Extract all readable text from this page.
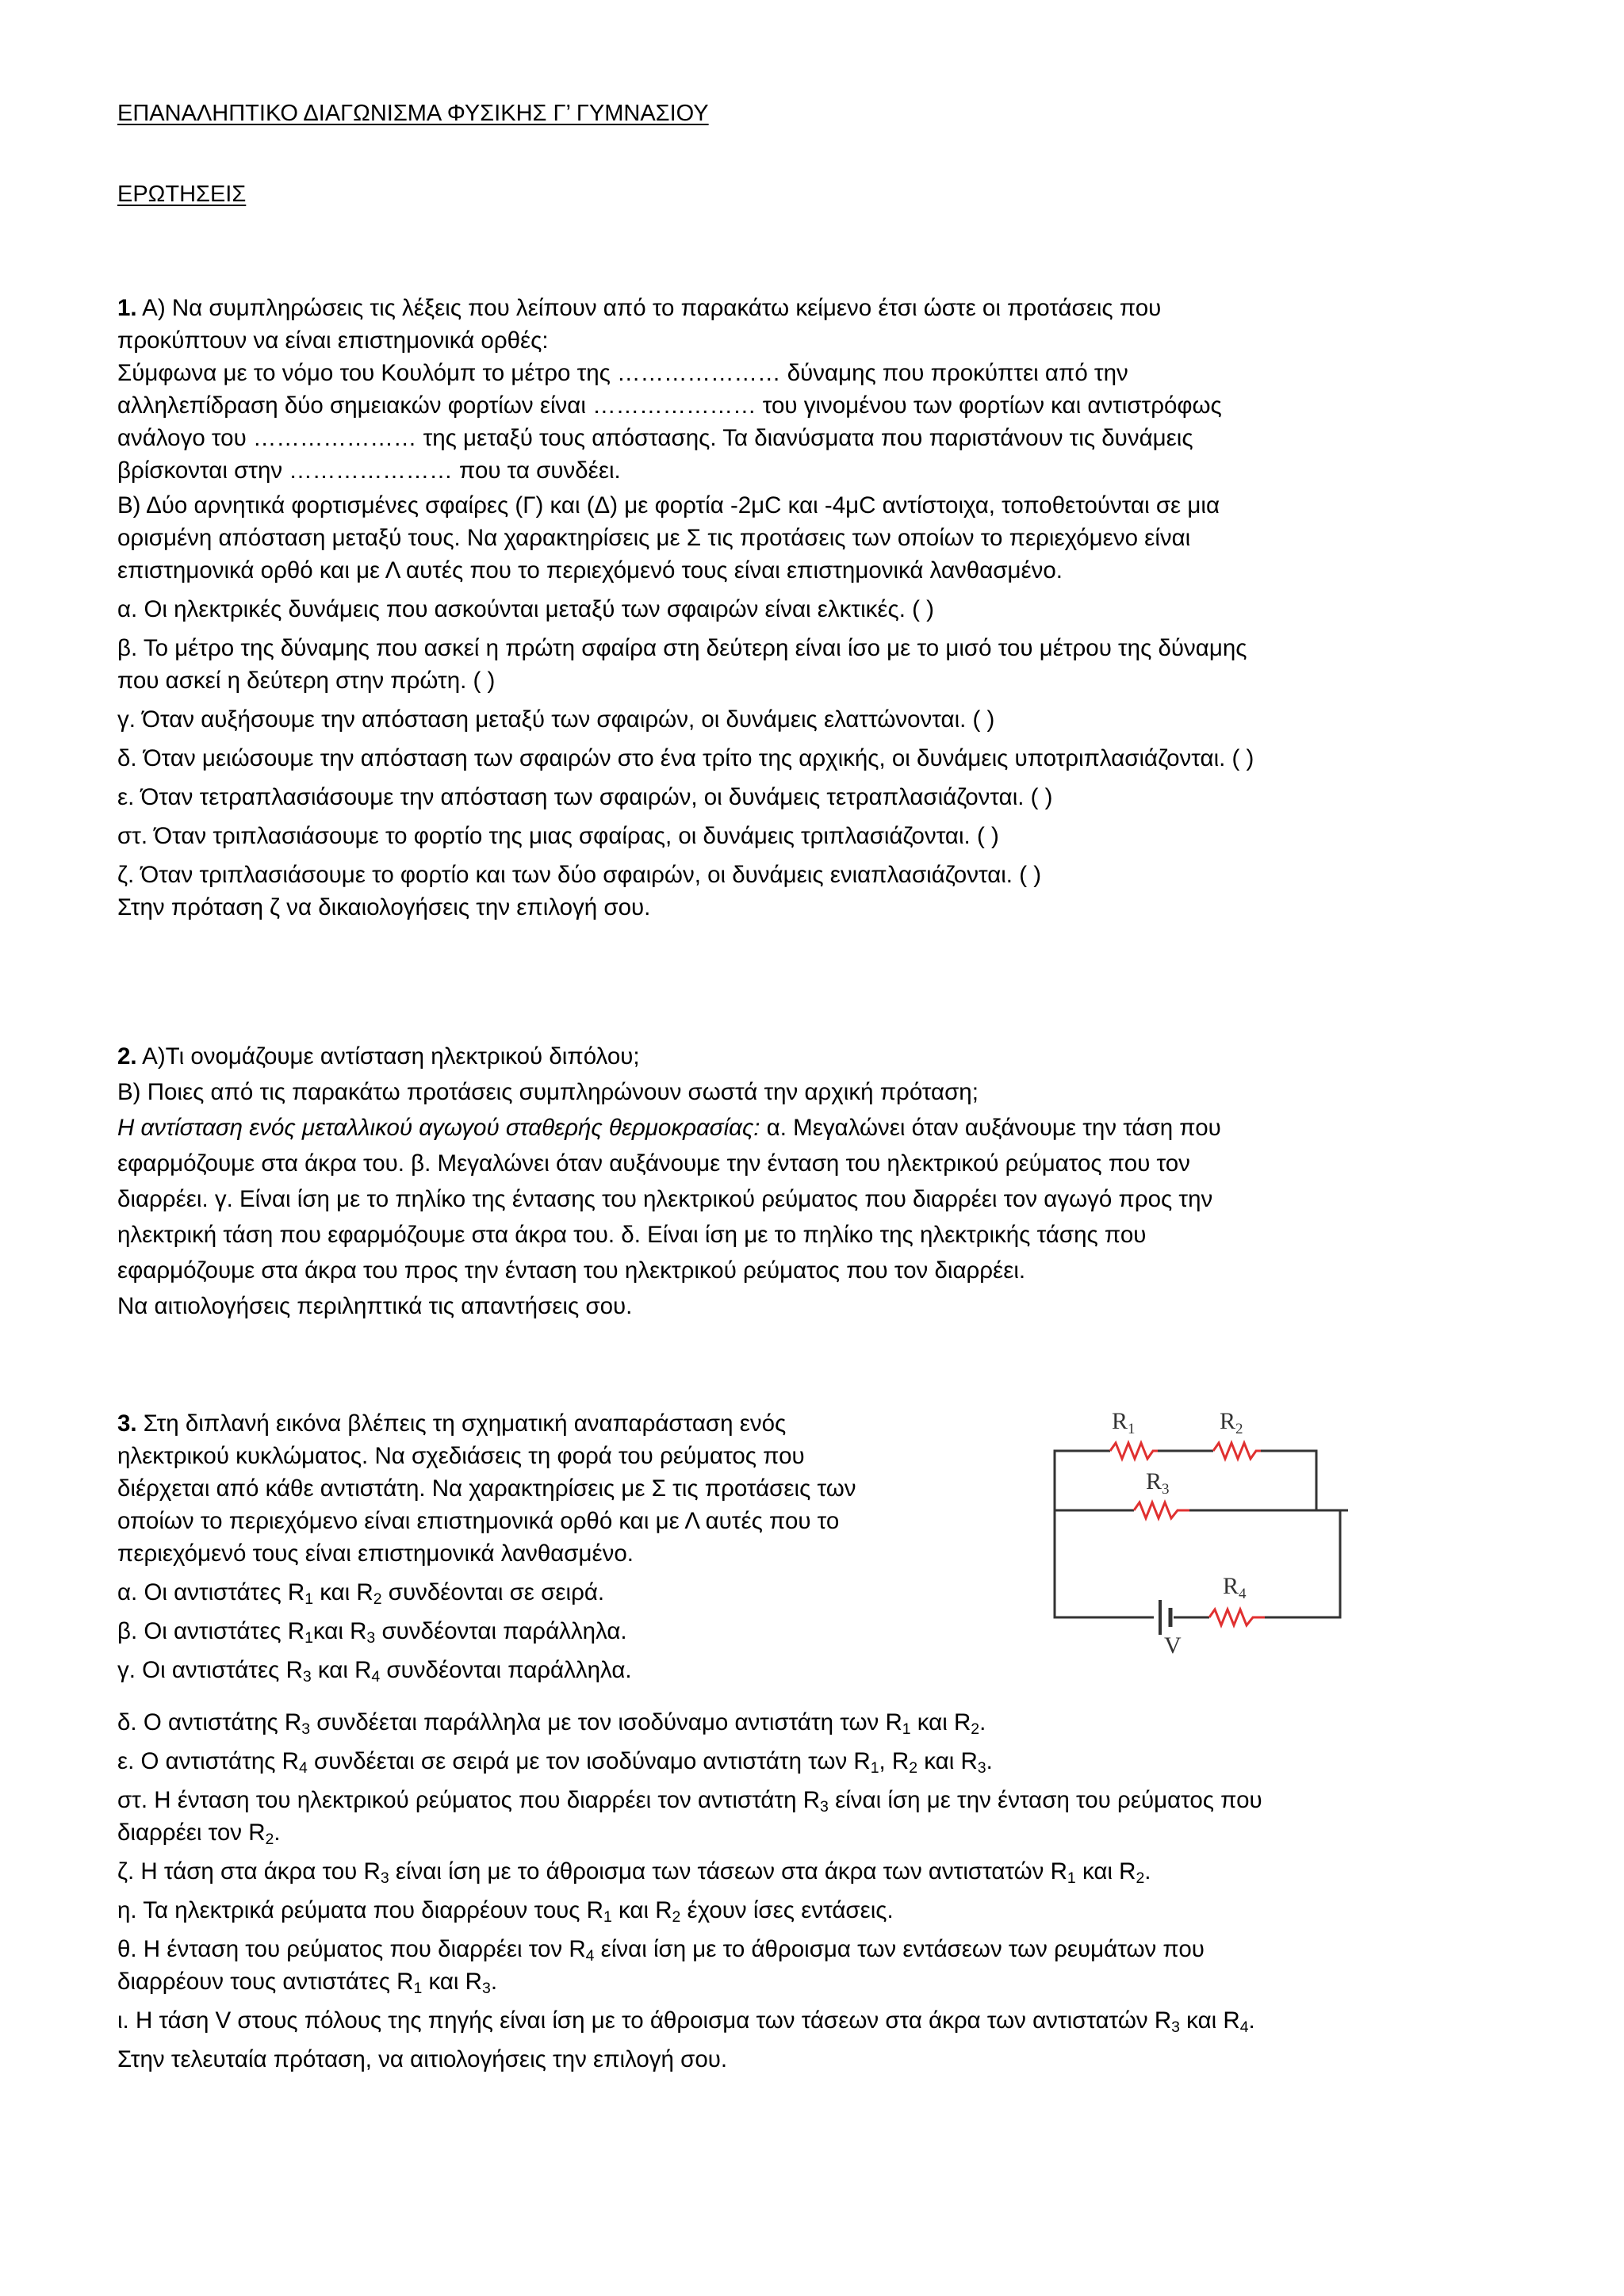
ΕΠΑΝΑΛΗΠΤΙΚΟ ΔΙΑΓΩΝΙΣΜΑ ΦΥΣΙΚΗΣ Γ’ ΓΥΜΝΑΣΙΟΥ
ΕΡΩΤΗΣΕΙΣ
1. Α) Να συμπληρώσεις τις λέξεις που λείπουν από το παρακάτω κείμενο έτσι ώστε οι προτάσεις που
προκύπτουν να είναι επιστημονικά ορθές:
Σύμφωνα με το νόμο του Κουλόμπ το μέτρο της ………………… δύναμης που προκύπτει από την
αλληλεπίδραση δύο σημειακών φορτίων είναι ………………… του γινομένου των φορτίων και αντιστρόφως
ανάλογο του ………………… της μεταξύ τους απόστασης. Τα διανύσματα που παριστάνουν τις δυνάμεις
βρίσκονται στην ………………… που τα συνδέει.
Β) Δύο αρνητικά φορτισμένες σφαίρες (Γ) και (Δ) με φορτία -2μC και -4μC αντίστοιχα, τοποθετούνται σε μια
ορισμένη απόσταση μεταξύ τους. Να χαρακτηρίσεις με Σ τις προτάσεις των οποίων το περιεχόμενο είναι
επιστημονικά ορθό και με Λ αυτές που το περιεχόμενό τους είναι επιστημονικά λανθασμένο.
α. Οι ηλεκτρικές δυνάμεις που ασκούνται μεταξύ των σφαιρών είναι ελκτικές. ( )
β. Το μέτρο της δύναμης που ασκεί η πρώτη σφαίρα στη δεύτερη είναι ίσο με το μισό του μέτρου της δύναμης
που ασκεί η δεύτερη στην πρώτη. ( )
γ. Όταν αυξήσουμε την απόσταση μεταξύ των σφαιρών, οι δυνάμεις ελαττώνονται. ( )
δ. Όταν μειώσουμε την απόσταση των σφαιρών στο ένα τρίτο της αρχικής, οι δυνάμεις υποτριπλασιάζονται. ( )
ε. Όταν τετραπλασιάσουμε την απόσταση των σφαιρών, οι δυνάμεις τετραπλασιάζονται. ( )
στ. Όταν τριπλασιάσουμε το φορτίο της μιας σφαίρας, οι δυνάμεις τριπλασιάζονται. ( )
ζ. Όταν τριπλασιάσουμε το φορτίο και των δύο σφαιρών, οι δυνάμεις ενιαπλασιάζονται. ( )
Στην πρόταση ζ να δικαιολογήσεις την επιλογή σου.
2. Α)Τι ονομάζουμε αντίσταση ηλεκτρικού διπόλου;
Β) Ποιες από τις παρακάτω προτάσεις συμπληρώνουν σωστά την αρχική πρόταση;
Η αντίσταση ενός μεταλλικού αγωγού σταθερής θερμοκρασίας: α. Μεγαλώνει όταν αυξάνουμε την τάση που
εφαρμόζουμε στα άκρα του. β. Μεγαλώνει όταν αυξάνουμε την ένταση του ηλεκτρικού ρεύματος που τον
διαρρέει. γ. Είναι ίση με το πηλίκο της έντασης του ηλεκτρικού ρεύματος που διαρρέει τον αγωγό προς την
ηλεκτρική τάση που εφαρμόζουμε στα άκρα του. δ. Είναι ίση με το πηλίκο της ηλεκτρικής τάσης που
εφαρμόζουμε στα άκρα του προς την ένταση του ηλεκτρικού ρεύματος που τον διαρρέει.
Να αιτιολογήσεις περιληπτικά τις απαντήσεις σου.
3. Στη διπλανή εικόνα βλέπεις τη σχηματική αναπαράσταση ενός
ηλεκτρικού κυκλώματος. Να σχεδιάσεις τη φορά του ρεύματος που
διέρχεται από κάθε αντιστάτη. Να χαρακτηρίσεις με Σ τις προτάσεις των
οποίων το περιεχόμενο είναι επιστημονικά ορθό και με Λ αυτές που το
περιεχόμενό τους είναι επιστημονικά λανθασμένο.
α. Οι αντιστάτες $R_1$ και $R_2$ συνδέονται σε σειρά.
β. Οι αντιστάτες $R_1\kappa\alpha\iota$ $R_3$ συνδέονται παράλληλα.
γ. Οι αντιστάτες $R_3$ και $R_4$ συνδέονται παράλληλα.
δ. Ο αντιστάτης $R_3$ συνδέεται παράλληλα με τον ισοδύναμο αντιστάτη των $R_1$ και $R_2$.
ε. Ο αντιστάτης $R_4$ συνδέεται σε σειρά με τον ισοδύναμο αντιστάτη των $R_1$, $R_2$ και $R_3$.
στ. Η ένταση του ηλεκτρικού ρεύματος που διαρρέει τον αντιστάτη $R_3$ είναι ίση με την ένταση του ρεύματος που
διαρρέει τον $R_2$.
ζ. Η τάση στα άκρα του $R_3$ είναι ίση με το άθροισμα των τάσεων στα άκρα των αντιστατών $R_1$ και $R_2$.
η. Τα ηλεκτρικά ρεύματα που διαρρέουν τους $R_1$ και $R_2$ έχουν ίσες εντάσεις.
θ. Η ένταση του ρεύματος που διαρρέει τον $R_4$ είναι ίση με το άθροισμα των εντάσεων των ρευμάτων που
διαρρέουν τους αντιστάτες $R_1$ και $R_3$.
ι. Η τάση V στους πόλους της πηγής είναι ίση με το άθροισμα των τάσεων στα άκρα των αντιστατών $R_3$ και $R_4$.
Στην τελευταία πρόταση, να αιτιολογήσεις την επιλογή σου.
$R_1$	$R_2$
$R_3$
$R_4$
V
